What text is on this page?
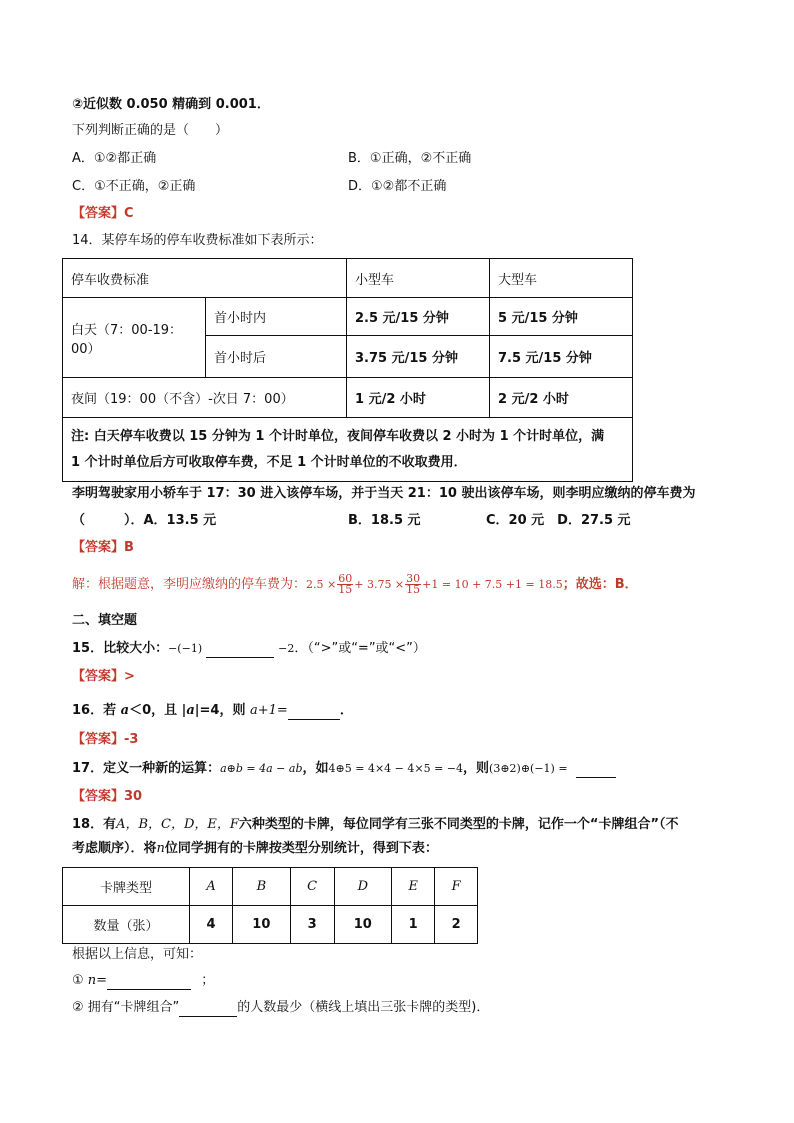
②近似数 0.050 精确到 0.001．
下列判断正确的是（　　）
A．①②都正确	B．①正确，②不正确
C．①不正确，②正确	D．①②都不正确
【答案】C
14．某停车场的停车收费标准如下表所示：
停车收费标准		小型车	大型车
白天（7：00-19：00）	首小时内	2.5 元/15 分钟	5 元/15 分钟
	首小时后	3.75 元/15 分钟	7.5 元/15 分钟
夜间（19：00（不含）-次日 7：00）		1 元/2 小时	2 元/2 小时

注: 白天停车收费以 15 分钟为 1 个计时单位，夜间停车收费以 2 小时为 1 个计时单位，满
1 个计时单位后方可收取停车费，不足 1 个计时单位的不收取费用．			
李明驾驶家用小轿车于 17：30 进入该停车场，并于当天 21：10 驶出该停车场，则李明应缴纳的停车费为
（　　　）．A．13.5 元	B．18.5 元	C．20 元　D．27.5 元
【答案】B
解：根据题意，李明应缴纳的停车费为：$2.5 \times \frac{60}{15} + 3.75 \times \frac{30}{15} +1 = 10 + 7.5 +1 = 18.5$；故选：B．
二、填空题
15．比较大小：−(−1)	−2．（“>”或“=”或“<”）
【答案】>
16．若 a＜0，且 |a|=4，则 a+1=	．
【答案】-3
17．定义一种新的运算：a⊕b = 4a − ab，如4⊕5 = 4×4 − 4×5 = −4，则(3⊕2)⊕(−1) =
【答案】30
18．有A，B，C，D，E，F六种类型的卡牌，每位同学有三张不同类型的卡牌，记作一个“卡牌组合”（不
考虑顺序）．将n位同学拥有的卡牌按类型分别统计，得到下表：
卡牌类型	A	B	C	D	E	F
数量（张）	4	10	3	10	1	2
根据以上信息，可知：
① n=	；
② 拥有“卡牌组合”	的人数最少（横线上填出三张卡牌的类型)．
